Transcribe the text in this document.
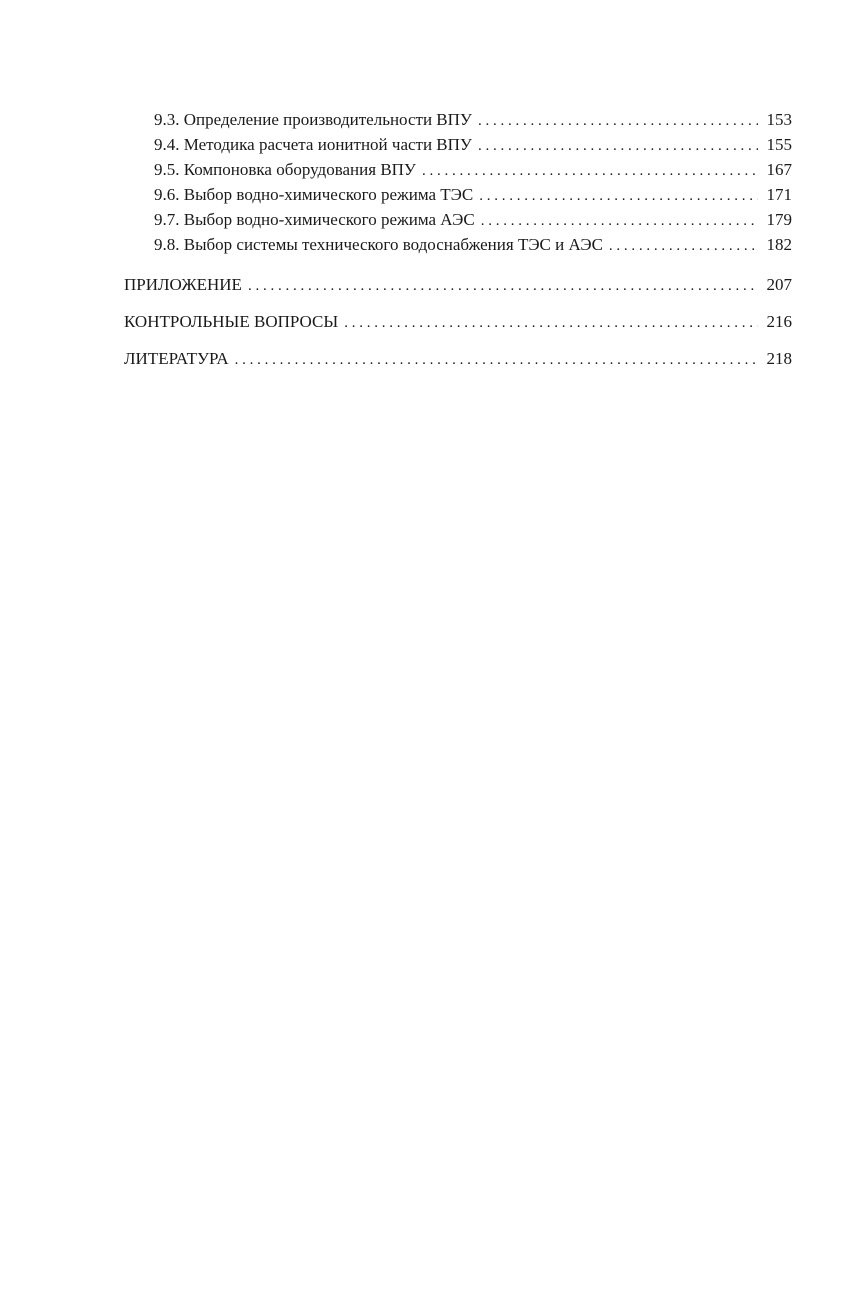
9.3. Определение производительности ВПУ . . .	153
9.4. Методика расчета ионитной части ВПУ . . .	155
9.5. Компоновка оборудования ВПУ . . .	167
9.6. Выбор водно-химического режима ТЭС . . .	171
9.7. Выбор водно-химического режима АЭС . . .	179
9.8. Выбор системы технического водоснабжения ТЭС и АЭС . . .	182
ПРИЛОЖЕНИЕ . . .	207
КОНТРОЛЬНЫЕ ВОПРОСЫ . . .	216
ЛИТЕРАТУРА . . .	218
